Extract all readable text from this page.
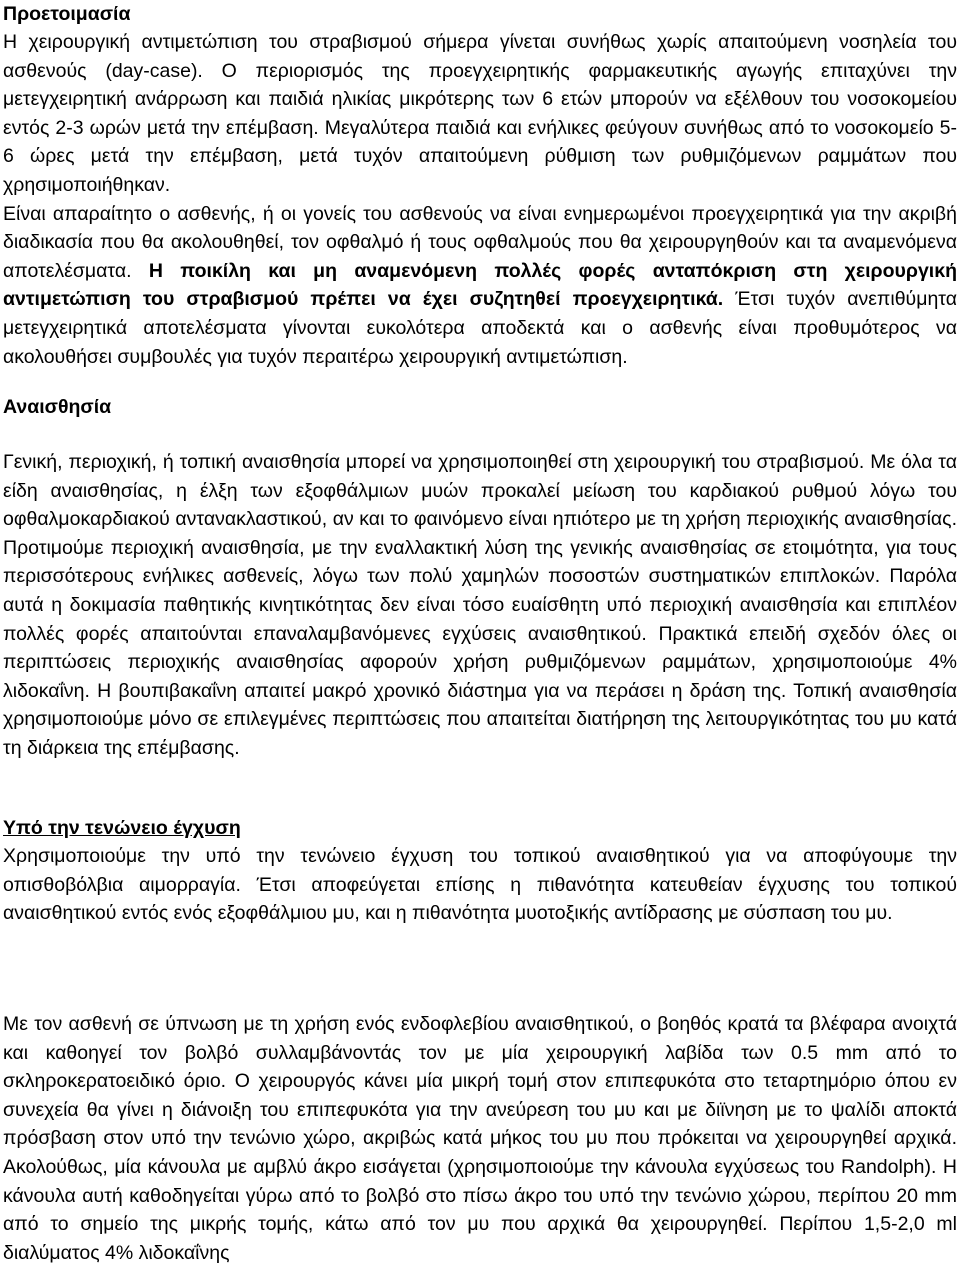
Προετοιμασία

Η χειρουργική αντιμετώπιση του στραβισμού σήμερα γίνεται συνήθως χωρίς απαιτούμενη νοσηλεία του ασθενούς (day-case). Ο περιορισμός της προεγχειρητικής φαρμακευτικής αγωγής επιταχύνει την μετεγχειρητική ανάρρωση και παιδιά ηλικίας μικρότερης των 6 ετών μπορούν να εξέλθουν του νοσοκομείου εντός 2-3 ωρών μετά την επέμβαση. Μεγαλύτερα παιδιά και ενήλικες φεύγουν συνήθως από το νοσοκομείο 5-6 ώρες μετά την επέμβαση, μετά τυχόν απαιτούμενη ρύθμιση των ρυθμιζόμενων ραμμάτων που χρησιμοποιήθηκαν.

Είναι απαραίτητο ο ασθενής, ή οι γονείς του ασθενούς να είναι ενημερωμένοι προεγχειρητικά για την ακριβή διαδικασία που θα ακολουθηθεί, τον οφθαλμό ή τους οφθαλμούς που θα χειρουργηθούν και τα αναμενόμενα αποτελέσματα. Η ποικίλη και μη αναμενόμενη πολλές φορές ανταπόκριση στη χειρουργική αντιμετώπιση του στραβισμού πρέπει να έχει συζητηθεί προεγχειρητικά. Έτσι τυχόν ανεπιθύμητα μετεγχειρητικά αποτελέσματα γίνονται ευκολότερα αποδεκτά και ο ασθενής είναι προθυμότερος να ακολουθήσει συμβουλές για τυχόν περαιτέρω χειρουργική αντιμετώπιση.

Αναισθησία

Γενική, περιοχική, ή τοπική αναισθησία μπορεί να χρησιμοποιηθεί στη χειρουργική του στραβισμού. Με όλα τα είδη αναισθησίας, η έλξη των εξοφθάλμιων μυών προκαλεί μείωση του καρδιακού ρυθμού λόγω του οφθαλμοκαρδιακού αντανακλαστικού, αν και το φαινόμενο είναι ηπιότερο με τη χρήση περιοχικής αναισθησίας. Προτιμούμε περιοχική αναισθησία, με την εναλλακτική λύση της γενικής αναισθησίας σε ετοιμότητα, για τους περισσότερους ενήλικες ασθενείς, λόγω των πολύ χαμηλών ποσοστών συστηματικών επιπλοκών. Παρόλα αυτά η δοκιμασία παθητικής κινητικότητας δεν είναι τόσο ευαίσθητη υπό περιοχική αναισθησία και επιπλέον πολλές φορές απαιτούνται επαναλαμβανόμενες εγχύσεις αναισθητικού. Πρακτικά επειδή σχεδόν όλες οι περιπτώσεις περιοχικής αναισθησίας αφορούν χρήση ρυθμιζόμενων ραμμάτων, χρησιμοποιούμε 4% λιδοκαΐνη. Η βουπιβακαΐνη απαιτεί μακρό χρονικό διάστημα για να περάσει η δράση της. Τοπική αναισθησία χρησιμοποιούμε μόνο σε επιλεγμένες περιπτώσεις που απαιτείται διατήρηση της λειτουργικότητας του μυ κατά τη διάρκεια της επέμβασης.

Υπό την τενώνειο έγχυση

Χρησιμοποιούμε την υπό την τενώνειο έγχυση του τοπικού αναισθητικού για να αποφύγουμε την οπισθοβόλβια αιμορραγία. Έτσι αποφεύγεται επίσης η πιθανότητα κατευθείαν έγχυσης του τοπικού αναισθητικού εντός ενός εξοφθάλμιου μυ, και η πιθανότητα μυοτοξικής αντίδρασης με σύσπαση του μυ.

Με τον ασθενή σε ύπνωση με τη χρήση ενός ενδοφλεβίου αναισθητικού, ο βοηθός κρατά τα βλέφαρα ανοιχτά και καθοηγεί τον βολβό συλλαμβάνοντάς τον με μία χειρουργική λαβίδα των 0.5 mm από το σκληροκερατοειδικό όριο. Ο χειρουργός κάνει μία μικρή τομή στον επιπεφυκότα στο τεταρτημόριο όπου εν συνεχεία θα γίνει η διάνοιξη του επιπεφυκότα για την ανεύρεση του μυ και με διϊνηση με το ψαλίδι αποκτά πρόσβαση στον υπό την τενώνιο χώρο, ακριβώς κατά μήκος του μυ που πρόκειται να χειρουργηθεί αρχικά. Ακολούθως, μία κάνουλα με αμβλύ άκρο εισάγεται (χρησιμοποιούμε την κάνουλα εγχύσεως του Randolph). Η κάνουλα αυτή καθοδηγείται γύρω από το βολβό στο πίσω άκρο του υπό την τενώνιο χώρου, περίπου 20 mm από το σημείο της μικρής τομής, κάτω από τον μυ που αρχικά θα χειρουργηθεί. Περίπου 1,5-2,0 ml διαλύματος 4% λιδοκαΐνης
